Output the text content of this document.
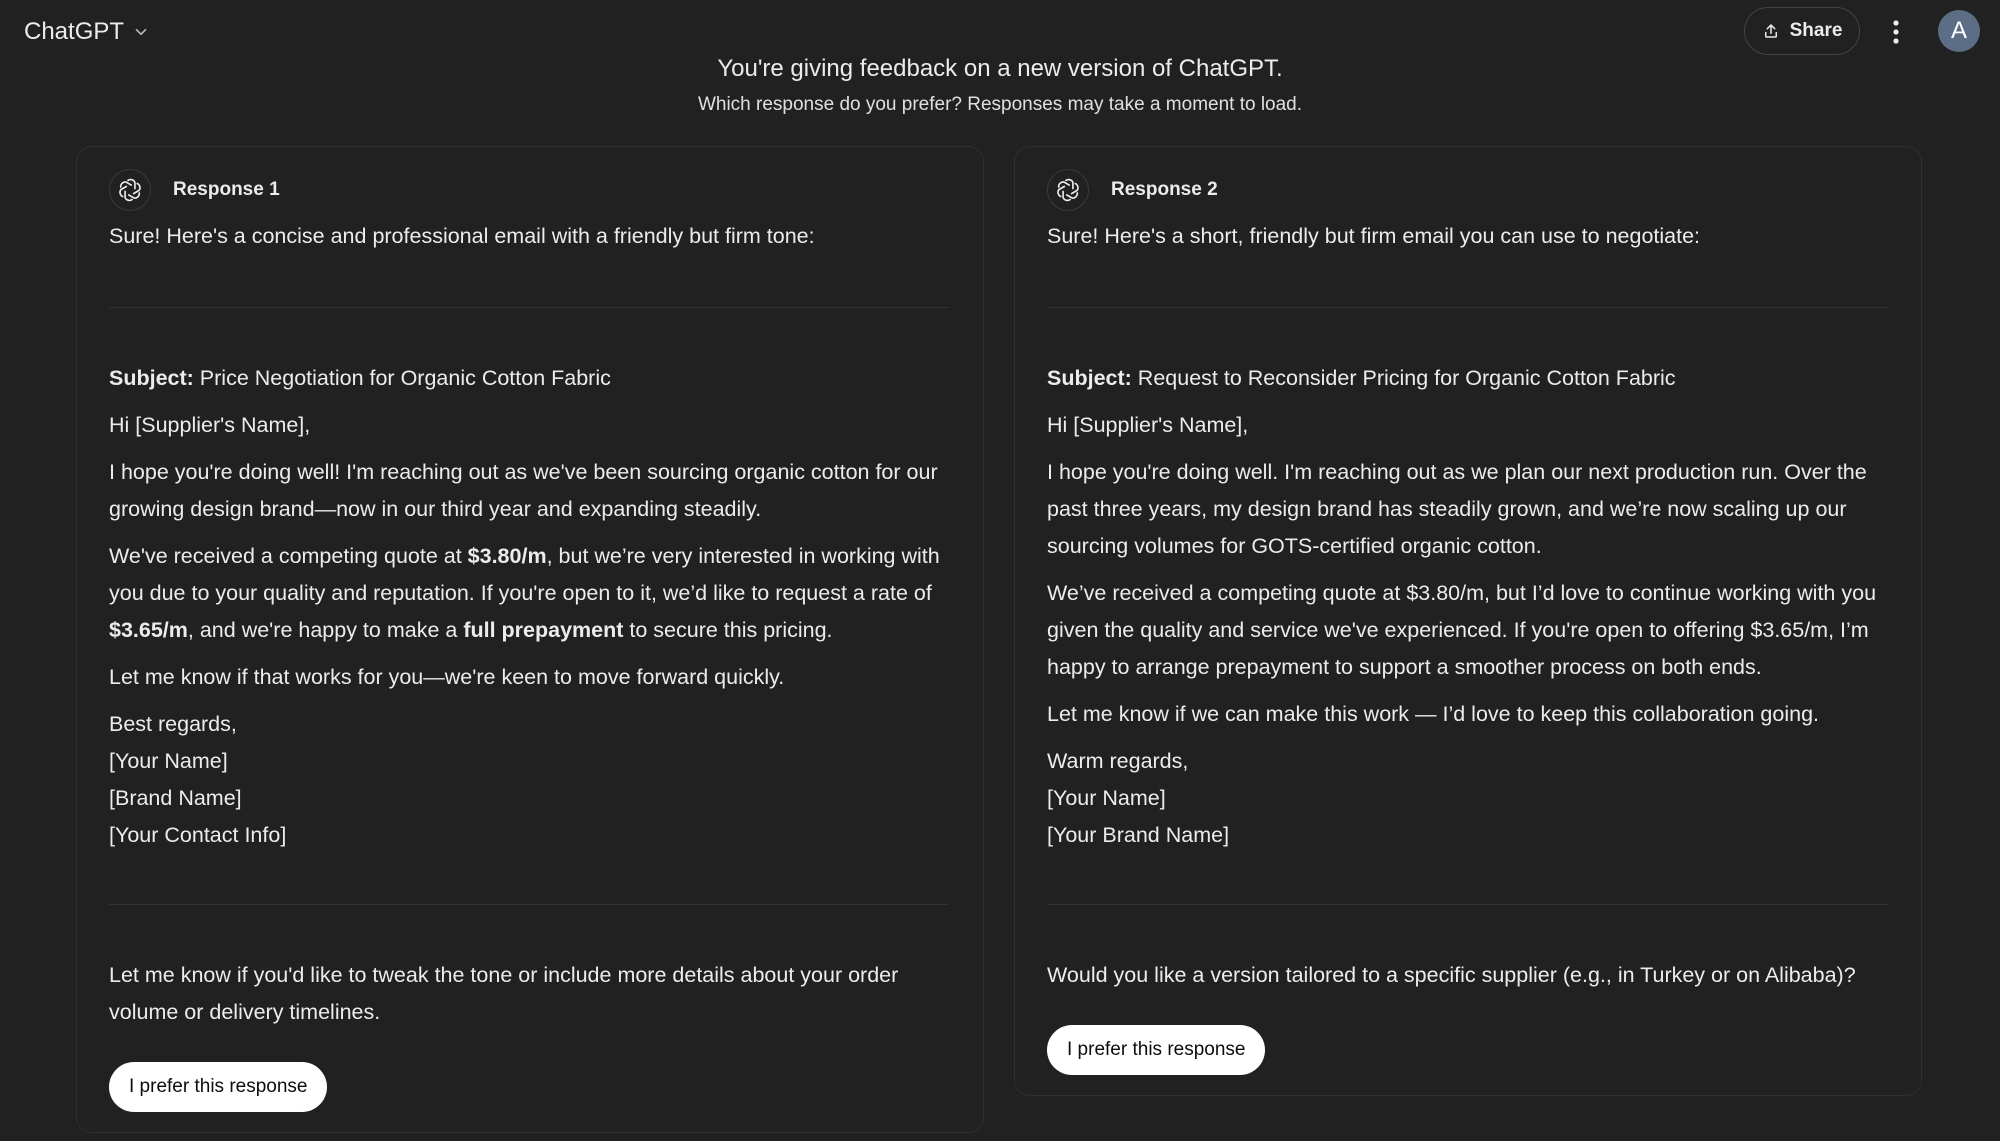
ChatGPT	Share	A
You're giving feedback on a new version of ChatGPT.
Which response do you prefer? Responses may take a moment to load.
Response 1
Sure! Here's a concise and professional email with a friendly but firm tone:
Subject: Price Negotiation for Organic Cotton Fabric
Hi [Supplier's Name],
I hope you're doing well! I'm reaching out as we've been sourcing organic cotton for our growing design brand—now in our third year and expanding steadily.
We've received a competing quote at $3.80/m, but we’re very interested in working with you due to your quality and reputation. If you're open to it, we’d like to request a rate of $3.65/m, and we're happy to make a full prepayment to secure this pricing.
Let me know if that works for you—we're keen to move forward quickly.
Best regards,
[Your Name]
[Brand Name]
[Your Contact Info]
Let me know if you'd like to tweak the tone or include more details about your order volume or delivery timelines.
I prefer this response
Response 2
Sure! Here's a short, friendly but firm email you can use to negotiate:
Subject: Request to Reconsider Pricing for Organic Cotton Fabric
Hi [Supplier's Name],
I hope you're doing well. I'm reaching out as we plan our next production run. Over the past three years, my design brand has steadily grown, and we’re now scaling up our sourcing volumes for GOTS-certified organic cotton.
We’ve received a competing quote at $3.80/m, but I’d love to continue working with you given the quality and service we've experienced. If you're open to offering $3.65/m, I’m happy to arrange prepayment to support a smoother process on both ends.
Let me know if we can make this work — I’d love to keep this collaboration going.
Warm regards,
[Your Name]
[Your Brand Name]
Would you like a version tailored to a specific supplier (e.g., in Turkey or on Alibaba)?
I prefer this response
